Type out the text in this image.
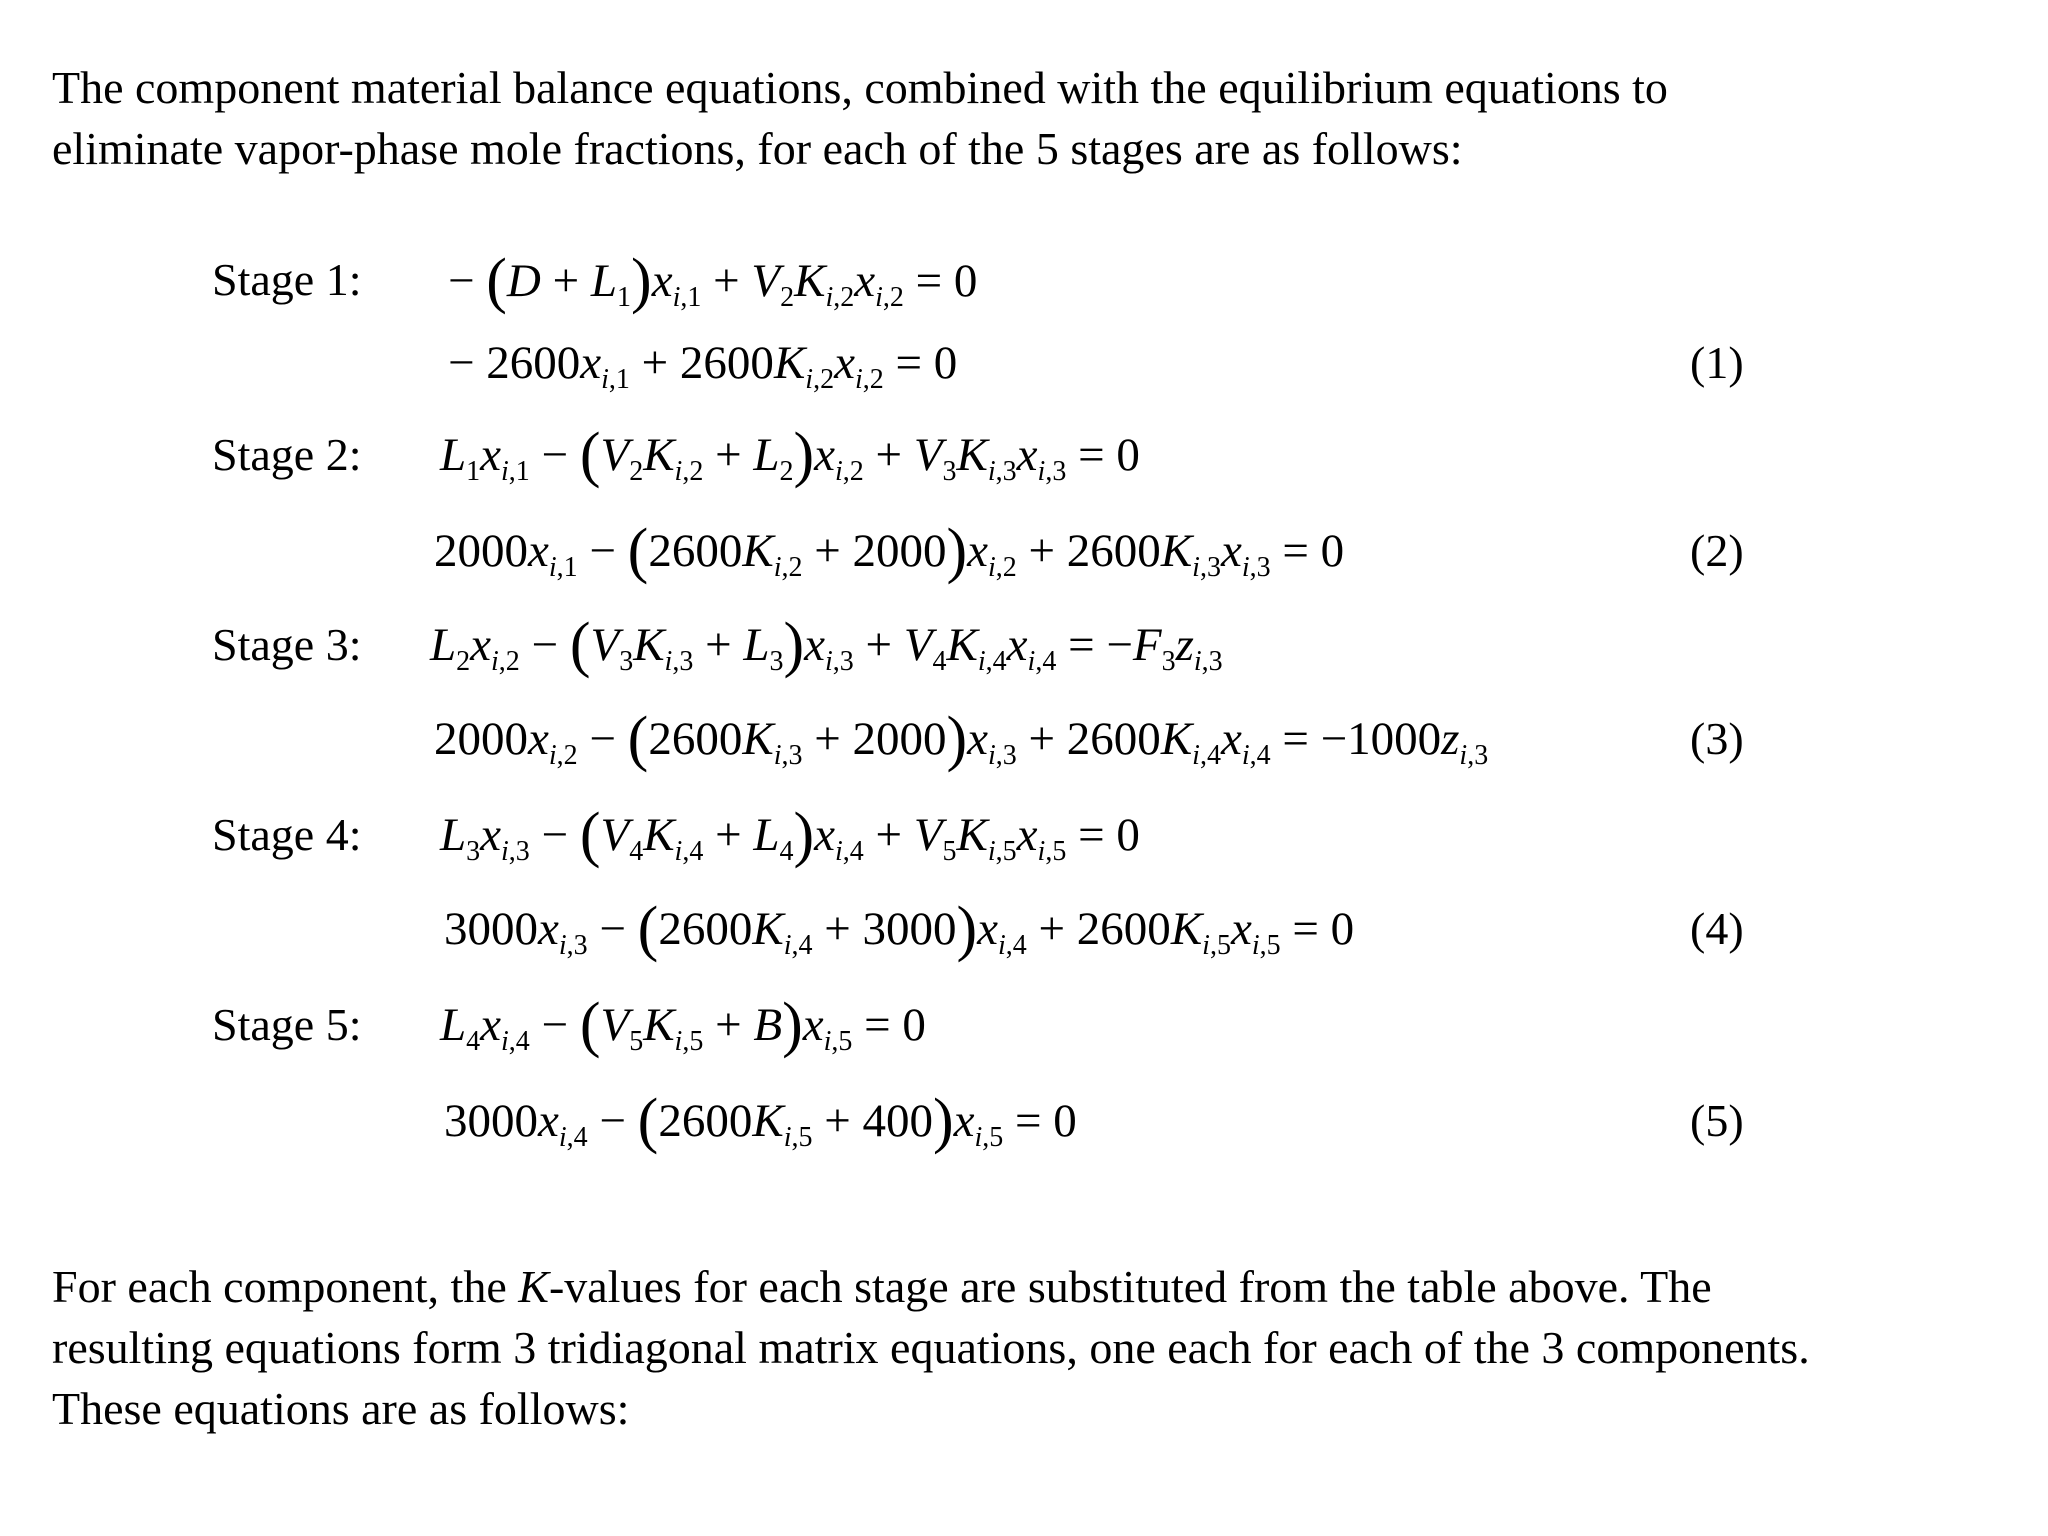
The component material balance equations, combined with the equilibrium equations to
eliminate vapor-phase mole fractions, for each of the 5 stages are as follows:
Stage 1:
Stage 2:
Stage 3:
Stage 4:
Stage 5:
− $(D + L_1)x_{i,1} + V_2K_{i,2}x_{i,2} = 0$
− $2600x_{i,1} + 2600K_{i,2}x_{i,2} = 0$	(1)
$L_1x_{i,1} - (V_2K_{i,2} + L_2)x_{i,2} + V_3K_{i,3}x_{i,3} = 0$
$2000x_{i,1} - (2600K_{i,2} + 2000)x_{i,2} + 2600K_{i,3}x_{i,3} = 0$	(2)
$L_2x_{i,2} - (V_3K_{i,3} + L_3)x_{i,3} + V_4K_{i,4}x_{i,4} = -F_3z_{i,3}$
$2000x_{i,2} - (2600K_{i,3} + 2000)x_{i,3} + 2600K_{i,4}x_{i,4} = -1000z_{i,3}$	(3)
$L_3x_{i,3} - (V_4K_{i,4} + L_4)x_{i,4} + V_5K_{i,5}x_{i,5} = 0$
$3000x_{i,3} - (2600K_{i,4} + 3000)x_{i,4} + 2600K_{i,5}x_{i,5} = 0$	(4)
$L_4x_{i,4} - (V_5K_{i,5} + B)x_{i,5} = 0$
$3000x_{i,4} - (2600K_{i,5} + 400)x_{i,5} = 0$	(5)
For each component, the K-values for each stage are substituted from the table above. The
resulting equations form 3 tridiagonal matrix equations, one each for each of the 3 components.
These equations are as follows:
